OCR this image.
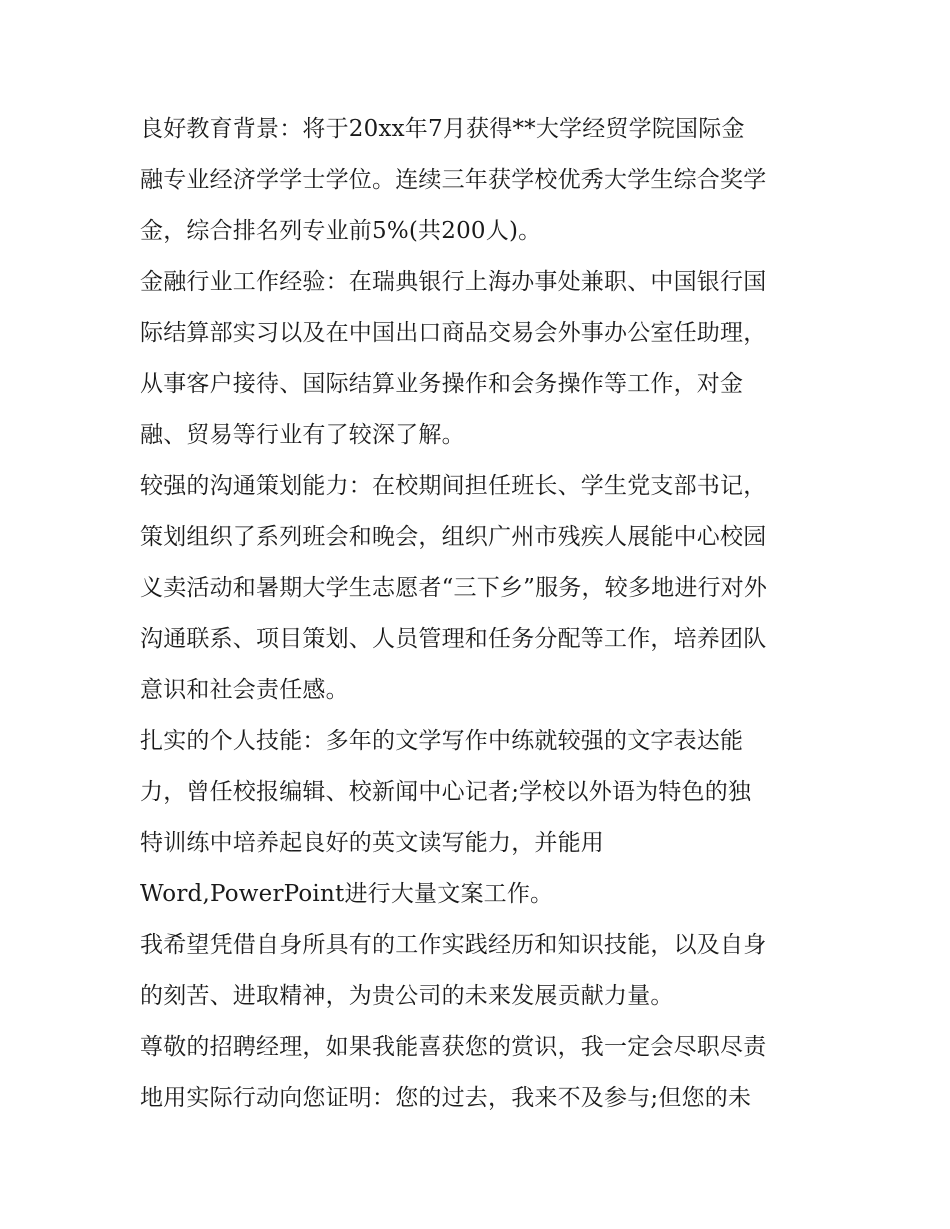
良好教育背景：将于20xx年7月获得**大学经贸学院国际金
融专业经济学学士学位。连续三年获学校优秀大学生综合奖学
金，综合排名列专业前5%(共200人)。
金融行业工作经验：在瑞典银行上海办事处兼职、中国银行国
际结算部实习以及在中国出口商品交易会外事办公室任助理，
从事客户接待、国际结算业务操作和会务操作等工作，对金
融、贸易等行业有了较深了解。
较强的沟通策划能力：在校期间担任班长、学生党支部书记，
策划组织了系列班会和晚会，组织广州市残疾人展能中心校园
义卖活动和暑期大学生志愿者“三下乡”服务，较多地进行对外
沟通联系、项目策划、人员管理和任务分配等工作，培养团队
意识和社会责任感。
扎实的个人技能：多年的文学写作中练就较强的文字表达能
力，曾任校报编辑、校新闻中心记者;学校以外语为特色的独
特训练中培养起良好的英文读写能力，并能用
Word,PowerPoint进行大量文案工作。
我希望凭借自身所具有的工作实践经历和知识技能，以及自身
的刻苦、进取精神，为贵公司的未来发展贡献力量。
尊敬的招聘经理，如果我能喜获您的赏识，我一定会尽职尽责
地用实际行动向您证明：您的过去，我来不及参与;但您的未
